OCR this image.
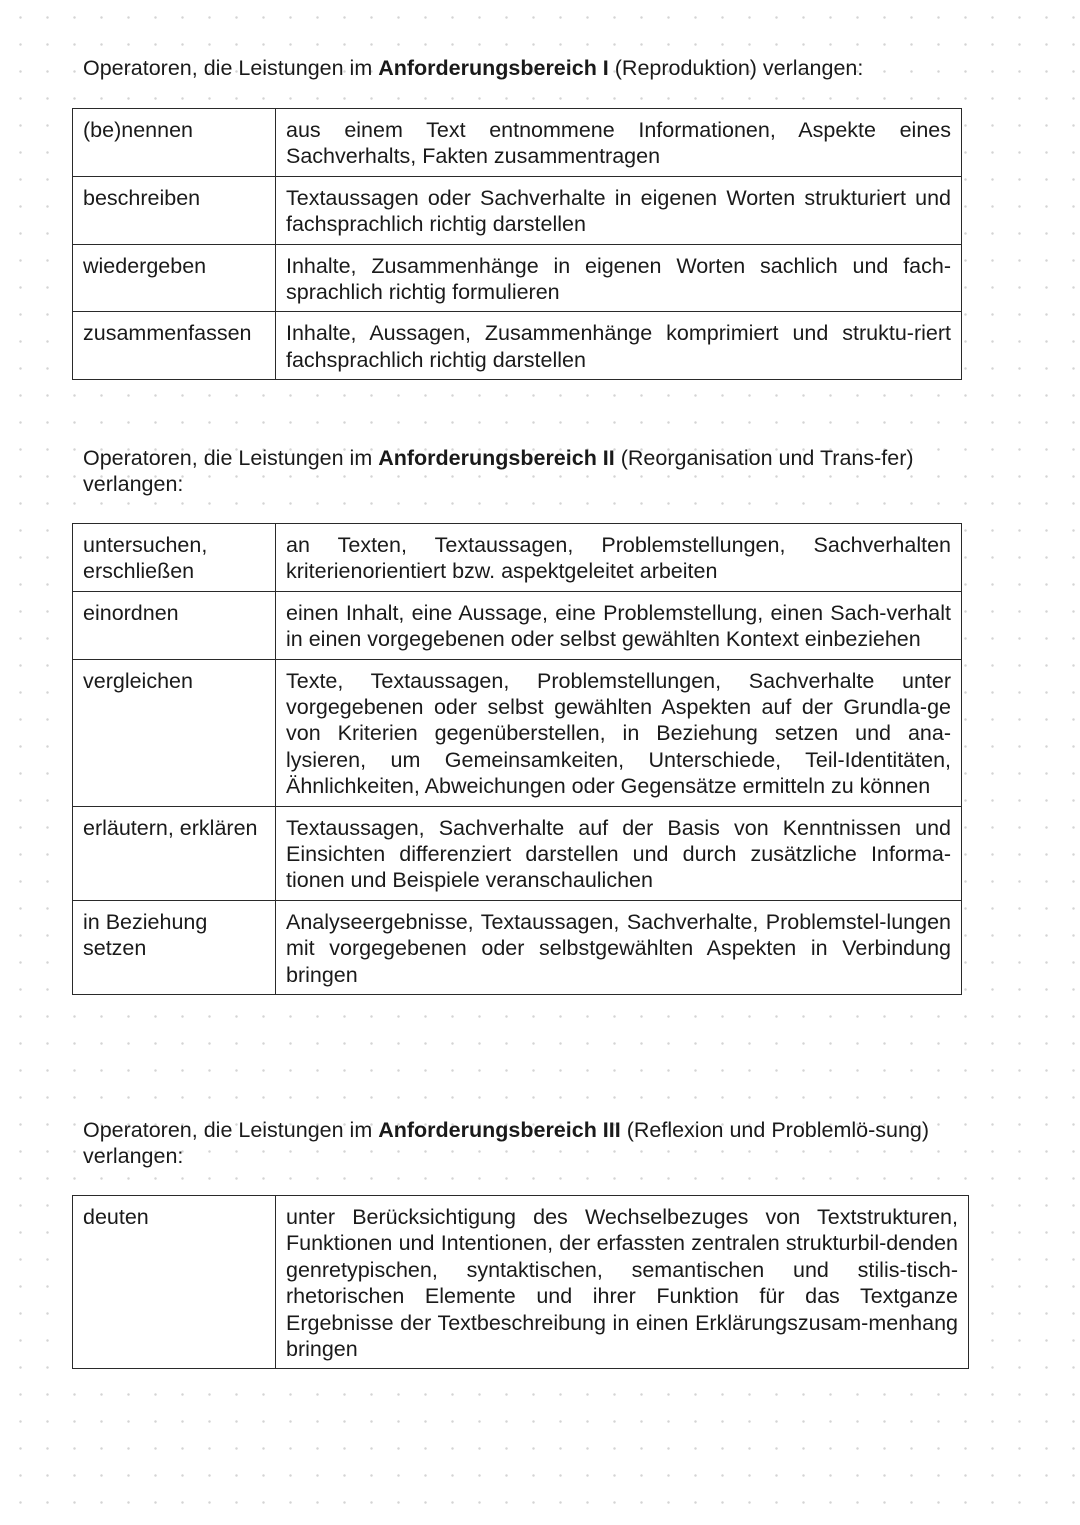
Operatoren, die Leistungen im Anforderungsbereich I (Reproduktion) verlangen:

(be)nennen	aus einem Text entnommene Informationen, Aspekte eines Sachverhalts, Fakten zusammentragen
beschreiben	Textaussagen oder Sachverhalte in eigenen Worten strukturiert und fachsprachlich richtig darstellen
wiedergeben	Inhalte, Zusammenhänge in eigenen Worten sachlich und fach-sprachlich richtig formulieren
zusammenfassen	Inhalte, Aussagen, Zusammenhänge komprimiert und struktu-riert fachsprachlich richtig darstellen

Operatoren, die Leistungen im Anforderungsbereich II (Reorganisation und Trans-fer) verlangen:

untersuchen, erschließen	an Texten, Textaussagen, Problemstellungen, Sachverhalten kriterienorientiert bzw. aspektgeleitet arbeiten
einordnen	einen Inhalt, eine Aussage, eine Problemstellung, einen Sach-verhalt in einen vorgegebenen oder selbst gewählten Kontext einbeziehen
vergleichen	Texte, Textaussagen, Problemstellungen, Sachverhalte unter vorgegebenen oder selbst gewählten Aspekten auf der Grundla-ge von Kriterien gegenüberstellen, in Beziehung setzen und ana-lysieren, um Gemeinsamkeiten, Unterschiede, Teil-Identitäten, Ähnlichkeiten, Abweichungen oder Gegensätze ermitteln zu können
erläutern, erklären	Textaussagen, Sachverhalte auf der Basis von Kenntnissen und Einsichten differenziert darstellen und durch zusätzliche Informa-tionen und Beispiele veranschaulichen
in Beziehung setzen	Analyseergebnisse, Textaussagen, Sachverhalte, Problemstel-lungen mit vorgegebenen oder selbstgewählten Aspekten in Verbindung bringen

Operatoren, die Leistungen im Anforderungsbereich III (Reflexion und Problemlö-sung) verlangen:

deuten	unter Berücksichtigung des Wechselbezuges von Textstrukturen, Funktionen und Intentionen, der erfassten zentralen strukturbil-denden genretypischen, syntaktischen, semantischen und stilis-tisch-rhetorischen Elemente und ihrer Funktion für das Textganze Ergebnisse der Textbeschreibung in einen Erklärungszusam-menhang bringen
